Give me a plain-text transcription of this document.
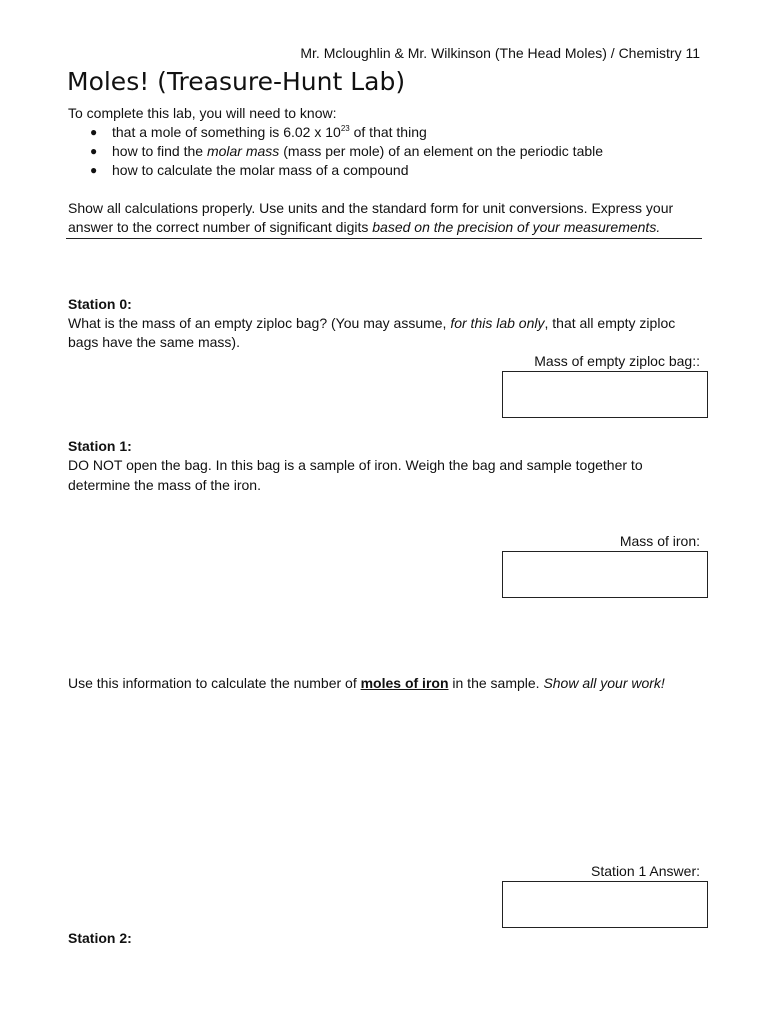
Mr. Mcloughlin & Mr. Wilkinson (The Head Moles) / Chemistry 11
Moles! (Treasure-Hunt Lab)
To complete this lab, you will need to know:
● that a mole of something is 6.02 x $10^{23}$ of that thing
● how to find the molar mass (mass per mole) of an element on the periodic table
● how to calculate the molar mass of a compound
Show all calculations properly. Use units and the standard form for unit conversions. Express your
answer to the correct number of significant digits based on the precision of your measurements.
Station 0:
What is the mass of an empty ziploc bag? (You may assume, for this lab only, that all empty ziploc
bags have the same mass).
Mass of empty ziploc bag::
Station 1:
DO NOT open the bag. In this bag is a sample of iron. Weigh the bag and sample together to
determine the mass of the iron.
Mass of iron:
Use this information to calculate the number of moles of iron in the sample. Show all your work!
Station 1 Answer:
Station 2:
